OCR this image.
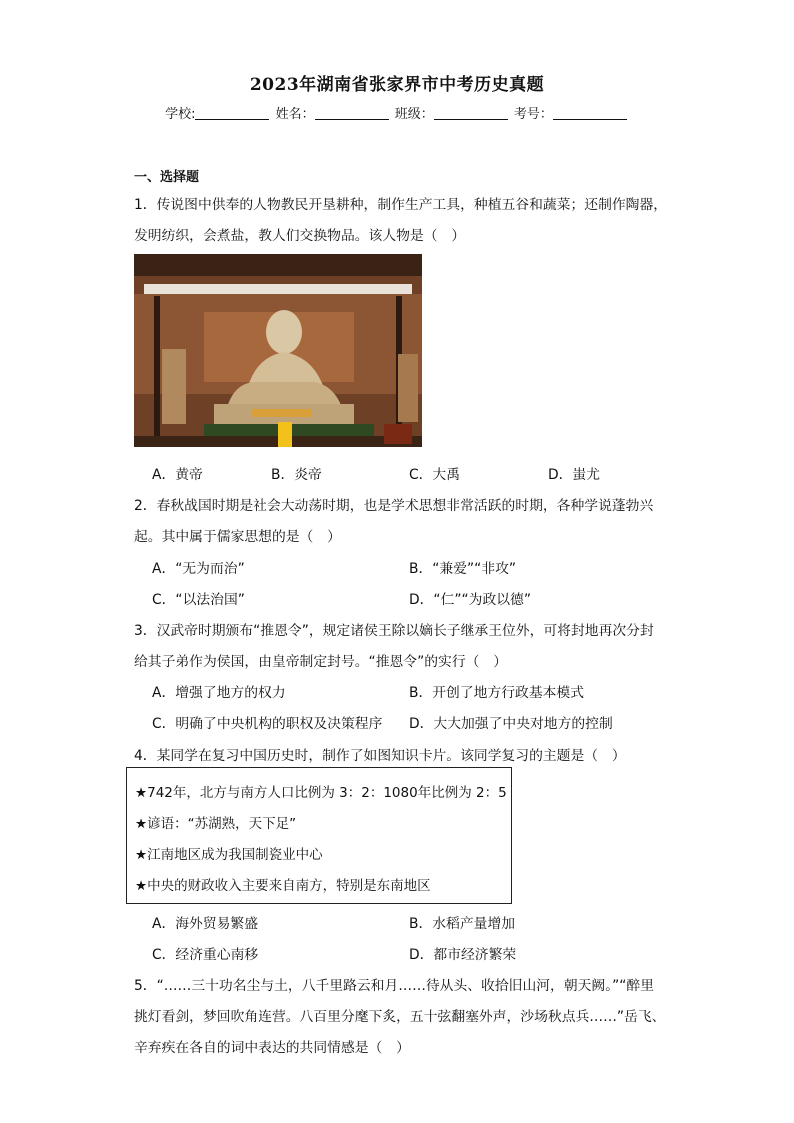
2023年湖南省张家界市中考历史真题
学校:	姓名：	班级：	考号：
一、选择题
1．传说图中供奉的人物教民开垦耕种，制作生产工具，种植五谷和蔬菜；还制作陶器，
发明纺织，会煮盐，教人们交换物品。该人物是（　）
A．黄帝	B．炎帝	C．大禹	D．蚩尤
2．春秋战国时期是社会大动荡时期，也是学术思想非常活跃的时期，各种学说蓬勃兴
起。其中属于儒家思想的是（　）
A．“无为而治”	B．“兼爱”“非攻”
C．“以法治国”	D．“仁”“为政以德”
3．汉武帝时期颁布“推恩令”，规定诸侯王除以嫡长子继承王位外，可将封地再次分封
给其子弟作为侯国，由皇帝制定封号。“推恩令”的实行（　）
A．增强了地方的权力	B．开创了地方行政基本模式
C．明确了中央机构的职权及决策程序 D．大大加强了中央对地方的控制
4．某同学在复习中国历史时，制作了如图知识卡片。该同学复习的主题是（　）
★742年，北方与南方人口比例为 3：2：1080年比例为 2：5
★谚语：“苏湖熟，天下足”
★江南地区成为我国制瓷业中心
★中央的财政收入主要来自南方，特别是东南地区
A．海外贸易繁盛	B．水稻产量增加
C．经济重心南移	D．都市经济繁荣
5．“……三十功名尘与土，八千里路云和月……待从头、收拾旧山河，朝天阙。”“醉里
挑灯看剑，梦回吹角连营。八百里分麾下炙，五十弦翻塞外声，沙场秋点兵……”岳飞、
辛弃疾在各自的词中表达的共同情感是（　）
